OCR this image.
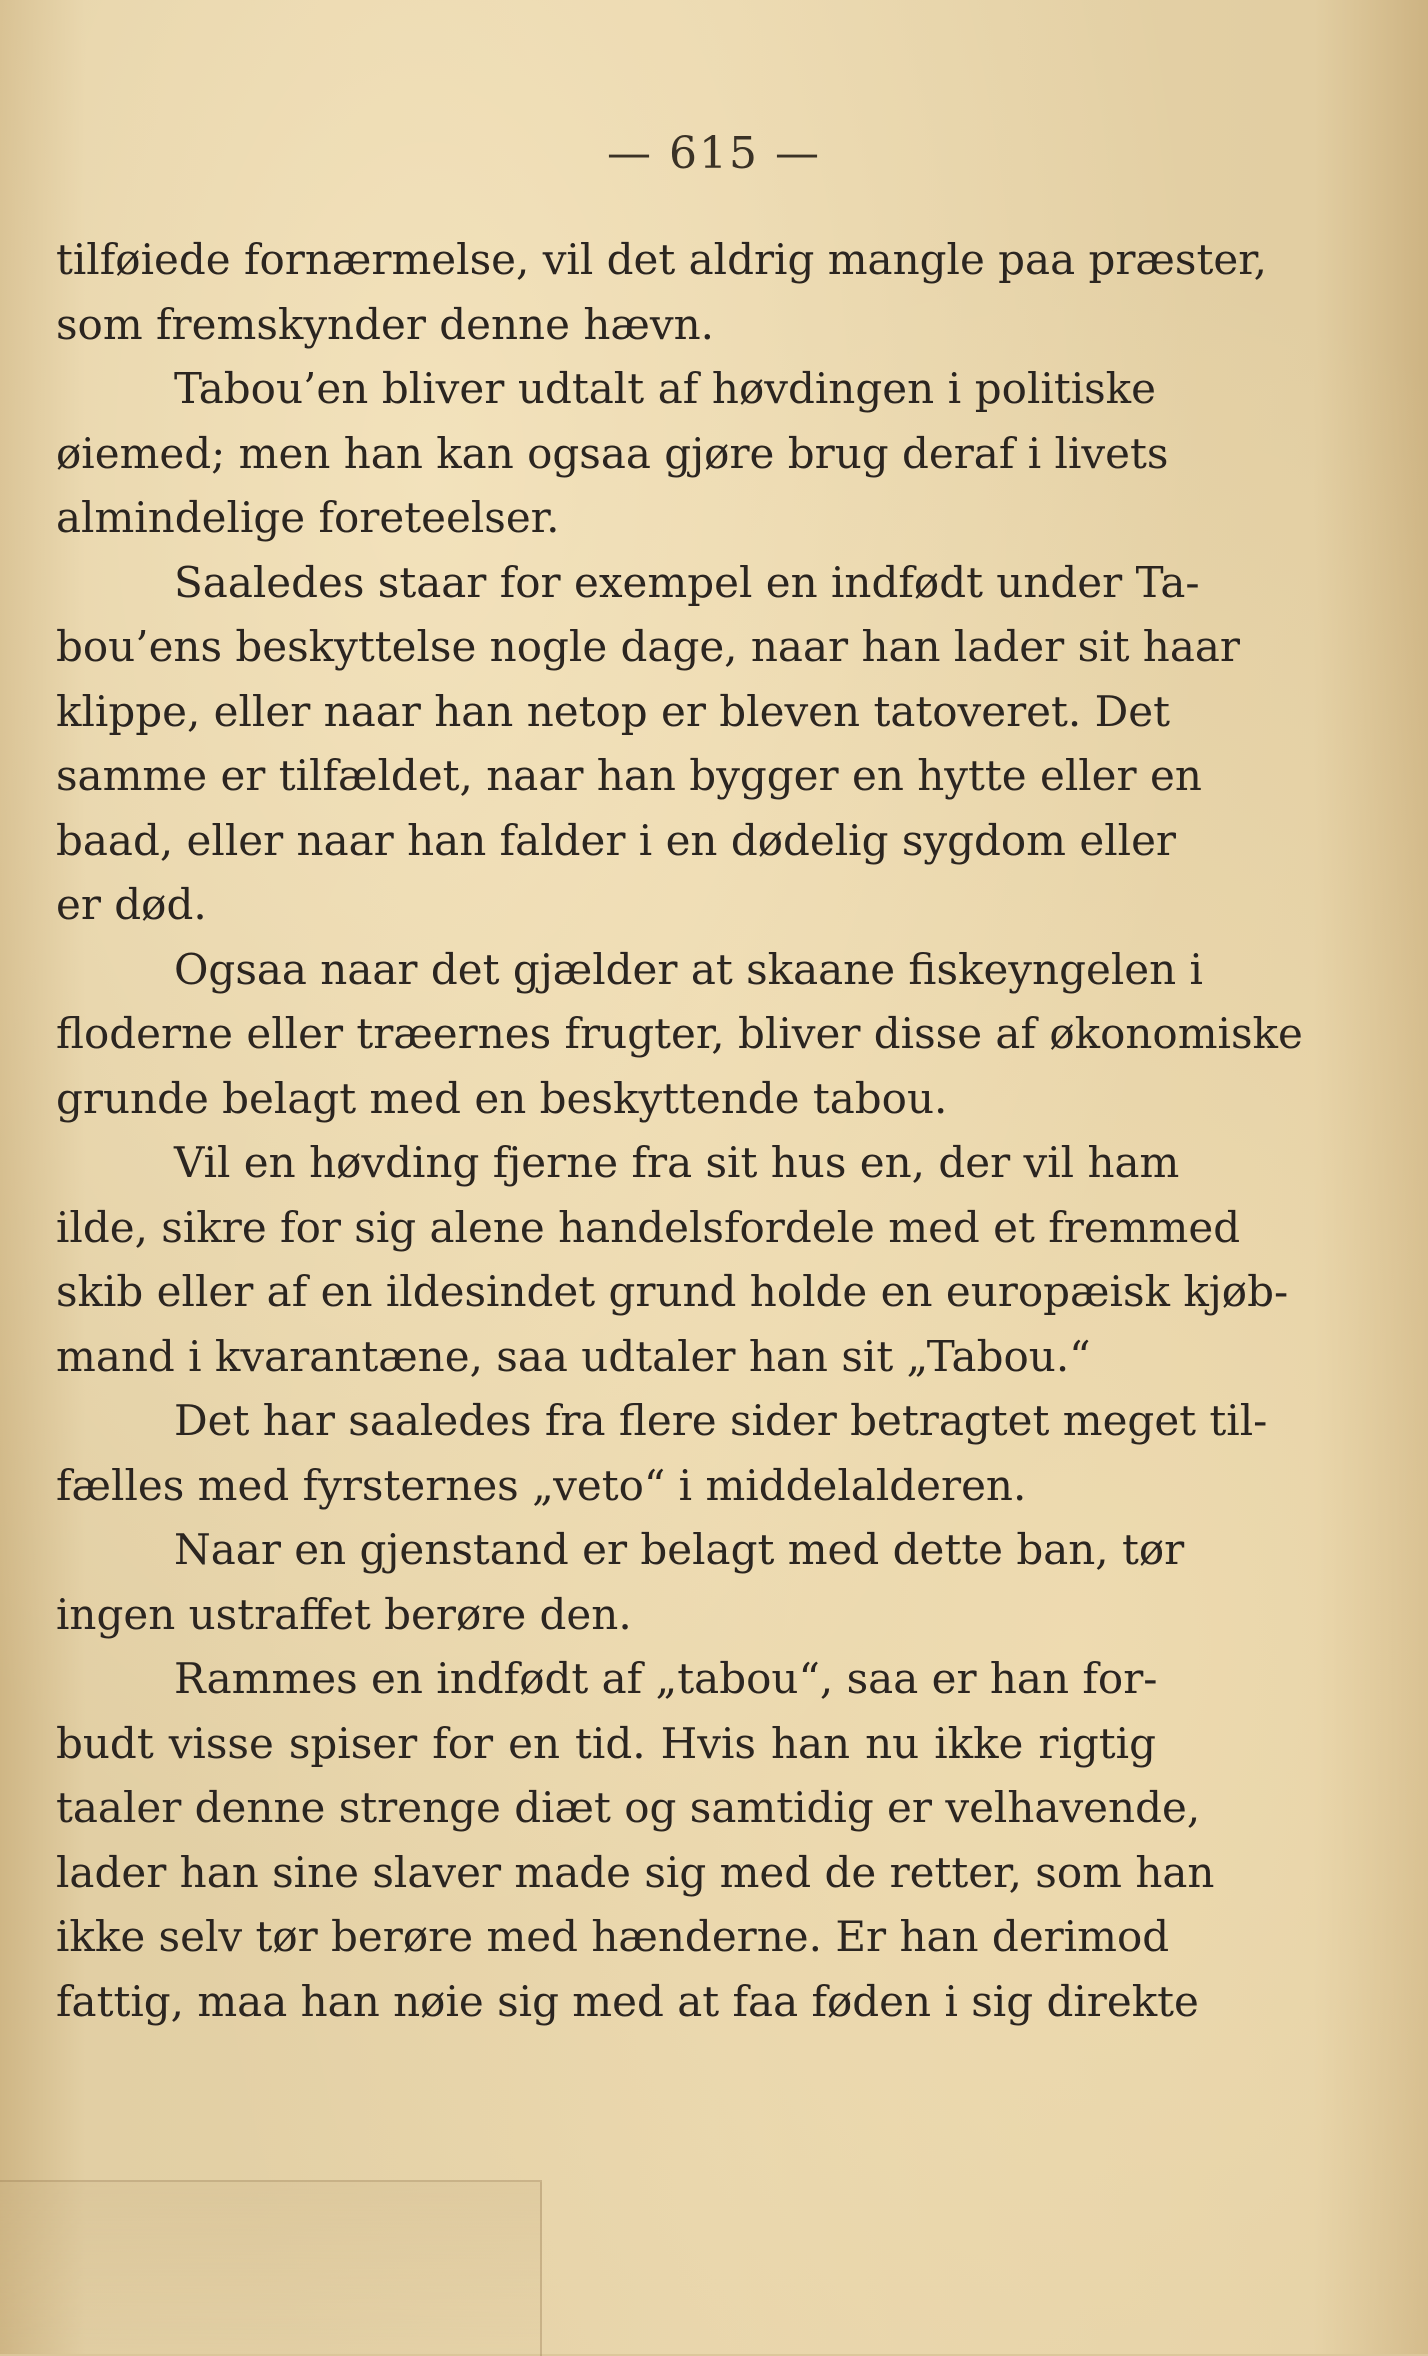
— 615 —

tilføiede fornærmelse, vil det aldrig mangle paa præster,
som fremskynder denne hævn.
Tabou’en bliver udtalt af høvdingen i politiske
øiemed; men han kan ogsaa gjøre brug deraf i livets
almindelige foreteelser.
Saaledes staar for exempel en indfødt under Ta-
bou’ens beskyttelse nogle dage, naar han lader sit haar
klippe, eller naar han netop er bleven tatoveret. Det
samme er tilfældet, naar han bygger en hytte eller en
baad, eller naar han falder i en dødelig sygdom eller
er død.
Ogsaa naar det gjælder at skaane fiskeyngelen i
floderne eller træernes frugter, bliver disse af økonomiske
grunde belagt med en beskyttende tabou.
Vil en høvding fjerne fra sit hus en, der vil ham
ilde, sikre for sig alene handelsfordele med et fremmed
skib eller af en ildesindet grund holde en europæisk kjøb-
mand i kvarantæne, saa udtaler han sit „Tabou.“
Det har saaledes fra flere sider betragtet meget til-
fælles med fyrsternes „veto“ i middelalderen.
Naar en gjenstand er belagt med dette ban, tør
ingen ustraffet berøre den.
Rammes en indfødt af „tabou“, saa er han for-
budt visse spiser for en tid. Hvis han nu ikke rigtig
taaler denne strenge diæt og samtidig er velhavende,
lader han sine slaver made sig med de retter, som han
ikke selv tør berøre med hænderne. Er han derimod
fattig, maa han nøie sig med at faa føden i sig direkte
